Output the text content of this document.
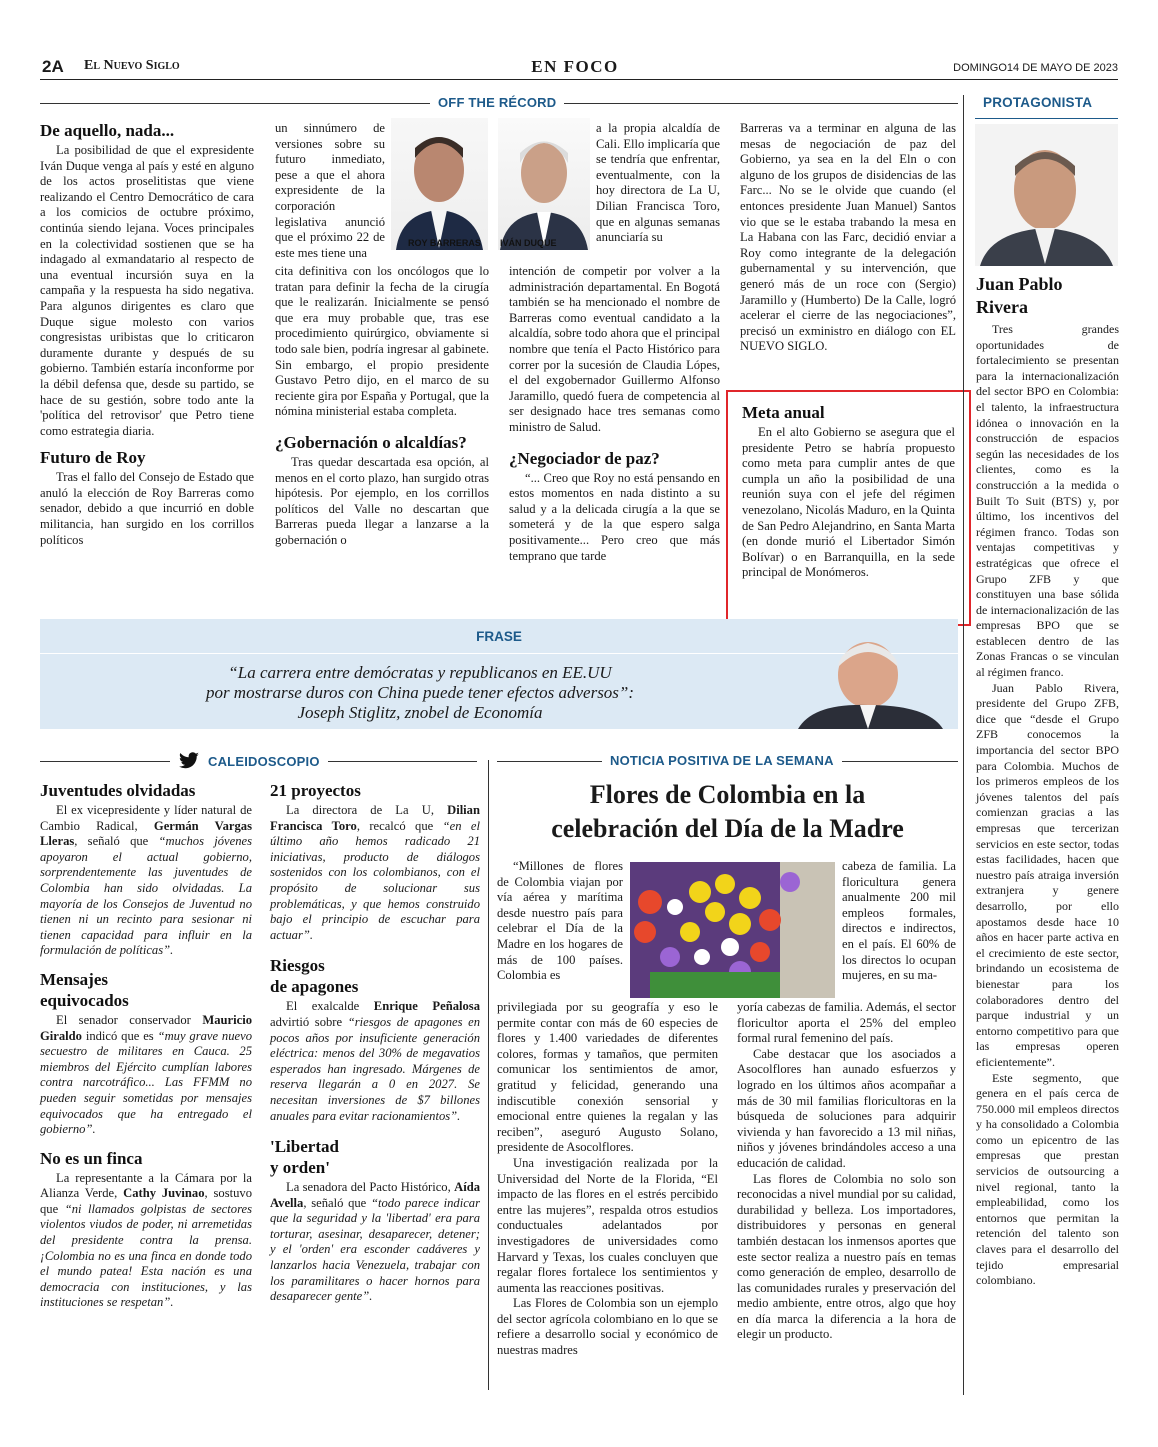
2A El Nuevo Siglo	EN FOCO	DOMINGO14 DE MAYO DE 2023
OFF THE RÉCORD
De aquello, nada...

La posibilidad de que el expresidente Iván Duque venga al país y esté en alguno de los actos proselitistas que viene realizando el Centro Democrático de cara a los comicios de octubre próximo, continúa siendo lejana. Voces principales en la colectividad sostienen que se ha indagado al exmandatario al respecto de una eventual incursión suya en la campaña y la respuesta ha sido negativa. Para algunos dirigentes es claro que Duque sigue molesto con varios congresistas uribistas que lo criticaron duramente durante y después de su gobierno. También estaría inconforme por la débil defensa que, desde su partido, se hace de su gestión, sobre todo ante la 'política del retrovisor' que Petro tiene como estrategia diaria.

Futuro de Roy

Tras el fallo del Consejo de Estado que anuló la elección de Roy Barreras como senador, debido a que incurrió en doble militancia, han surgido en los corrillos políticos

un sinnúmero de versiones sobre su futuro inmediato, pese a que el ahora expresidente de la corporación legislativa anunció que el próximo 22 de este mes tiene una
cita definitiva con los oncólogos que lo tratan para definir la fecha de la cirugía que le realizarán. Inicialmente se pensó que era muy probable que, tras ese procedimiento quirúrgico, obviamente si todo sale bien, podría ingresar al gabinete. Sin embargo, el propio presidente Gustavo Petro dijo, en el marco de su reciente gira por España y Portugal, que la nómina ministerial estaba completa.
¿Gobernación o alcaldías?

Tras quedar descartada esa opción, al menos en el corto plazo, han surgido otras hipótesis. Por ejemplo, en los corrillos políticos del Valle no descartan que Barreras pueda llegar a lanzarse a la gobernación o

ROY BARRERAS IVÁN DUQUE
a la propia alcaldía de Cali. Ello implicaría que se tendría que enfrentar, eventualmente, con la hoy directora de La U, Dilian Francisca Toro, que en algunas semanas anunciaría su
intención de competir por volver a la administración departamental. En Bogotá también se ha mencionado el nombre de Barreras como eventual candidato a la alcaldía, sobre todo ahora que el principal nombre que tenía el Pacto Histórico para correr por la sucesión de Claudia Lópes, el del exgobernador Guillermo Alfonso Jaramillo, quedó fuera de competencia al ser designado hace tres semanas como ministro de Salud.
¿Negociador de paz?

“... Creo que Roy no está pensando en estos momentos en nada distinto a su salud y a la delicada cirugía a la que se someterá y de la que espero salga positivamente... Pero creo que más temprano que tarde

Barreras va a terminar en alguna de las mesas de negociación de paz del Gobierno, ya sea en la del Eln o con alguno de los grupos de disidencias de las Farc... No se le olvide que cuando (el entonces presidente Juan Manuel) Santos vio que se le estaba trabando la mesa en La Habana con las Farc, decidió enviar a Roy como integrante de la delegación gubernamental y su intervención, que generó más de un roce con (Sergio) Jaramillo y (Humberto) De la Calle, logró acelerar el cierre de las negociaciones”, precisó un exministro en diálogo con EL NUEVO SIGLO.
Meta anual

En el alto Gobierno se asegura que el presidente Petro se habría propuesto como meta para cumplir antes de que cumpla un año la posibilidad de una reunión suya con el jefe del régimen venezolano, Nicolás Maduro, en la Quinta de San Pedro Alejandrino, en Santa Marta (en donde murió el Libertador Simón Bolívar) o en Barranquilla, en la sede principal de Monómeros.

PROTAGONISTA
Juan Pablo
Rivera

Tres grandes oportunidades de fortalecimiento se presentan para la internacionalización del sector BPO en Colombia: el talento, la infraestructura idónea o innovación en la construcción de espacios según las necesidades de los clientes, como es la construcción a la medida o Built To Suit (BTS) y, por último, los incentivos del régimen franco. Todas son ventajas competitivas y estratégicas que ofrece el Grupo ZFB y que constituyen una base sólida de internacionalización de las empresas BPO que se establecen dentro de las Zonas Francas o se vinculan al régimen franco.

Juan Pablo Rivera, presidente del Grupo ZFB, dice que “desde el Grupo ZFB conocemos la importancia del sector BPO para Colombia. Muchos de los primeros empleos de los jóvenes talentos del país comienzan gracias a las empresas que tercerizan servicios en este sector, todas estas facilidades, hacen que nuestro país atraiga inversión extranjera y genere desarrollo, por ello apostamos desde hace 10 años en hacer parte activa en el crecimiento de este sector, brindando un ecosistema de bienestar para los colaboradores dentro del parque industrial y un entorno competitivo para que las empresas operen eficientemente”.

Este segmento, que genera en el país cerca de 750.000 mil empleos directos y ha consolidado a Colombia como un epicentro de las empresas que prestan servicios de outsourcing a nivel regional, tanto la empleabilidad, como los entornos que permitan la retención del talento son claves para el desarrollo del tejido empresarial colombiano.

FRASE
“La carrera entre demócratas y republicanos en EE.UU
por mostrarse duros con China puede tener efectos adversos”:
Joseph Stiglitz, znobel de Economía
CALEIDOSCOPIO
Juventudes olvidadas

El ex vicepresidente y líder natural de Cambio Radical, Germán Vargas Lleras, señaló que “muchos jóvenes apoyaron el actual gobierno, sorprendentemente las juventudes de Colombia han sido olvidadas. La mayoría de los Consejos de Juventud no tienen ni un recinto para sesionar ni tienen capacidad para influir en la formulación de políticas”.

Mensajes
equivocados

El senador conservador Mauricio Giraldo indicó que es “muy grave nuevo secuestro de militares en Cauca. 25 miembros del Ejército cumplían labores contra narcotráfico... Las FFMM no pueden seguir sometidas por mensajes equivocados que ha entregado el gobierno”.

No es un finca

La representante a la Cámara por la Alianza Verde, Cathy Juvinao, sostuvo que “ni llamados golpistas de sectores violentos viudos de poder, ni arremetidas del presidente contra la prensa. ¡Colombia no es una finca en donde todo el mundo patea! Esta nación es una democracia con instituciones, y las instituciones se respetan”.

21 proyectos

La directora de La U, Dilian Francisca Toro, recalcó que “en el último año hemos radicado 21 iniciativas, producto de diálogos sostenidos con los colombianos, con el propósito de solucionar sus problemáticas, y que hemos construido bajo el principio de escuchar para actuar”.

Riesgos
de apagones

El exalcalde Enrique Peñalosa advirtió sobre “riesgos de apagones en pocos años por insuficiente generación eléctrica: menos del 30% de megavatios esperados han ingresado. Márgenes de reserva llegarán a 0 en 2027. Se necesitan inversiones de $7 billones anuales para evitar racionamientos”.

'Libertad
y orden'

La senadora del Pacto Histórico, Aída Avella, señaló que “todo parece indicar que la seguridad y la 'libertad' era para torturar, asesinar, desaparecer, detener; y el 'orden' era esconder cadáveres y lanzarlos hacia Venezuela, trabajar con los paramilitares o hacer hornos para desaparecer gente”.

NOTICIA POSITIVA DE LA SEMANA
Flores de Colombia en la
celebración del Día de la Madre

“Millones de flores de Colombia viajan por vía aérea y marítima desde nuestro país para celebrar el Día de la Madre en los hogares de más de 100 países. Colombia es

privilegiada por su geografía y eso le permite contar con más de 60 especies de flores y 1.400 variedades de diferentes colores, formas y tamaños, que permiten comunicar los sentimientos de amor, gratitud y felicidad, generando una indiscutible conexión sensorial y emocional entre quienes la regalan y las reciben”, aseguró Augusto Solano, presidente de Asocolflores.

Una investigación realizada por la Universidad del Norte de la Florida, “El impacto de las flores en el estrés percibido entre las mujeres”, respalda otros estudios conductuales adelantados por investigadores de universidades como Harvard y Texas, los cuales concluyen que regalar flores fortalece los sentimientos y aumenta las reacciones positivas.

Las Flores de Colombia son un ejemplo del sector agrícola colombiano en lo que se refiere a desarrollo social y económico de nuestras madres

cabeza de familia. La floricultura genera anualmente 200 mil empleos formales, directos e indirectos, en el país. El 60% de los directos lo ocupan mujeres, en su ma-
yoría cabezas de familia. Además, el sector floricultor aporta el 25% del empleo formal rural femenino del país.

Cabe destacar que los asociados a Asocolflores han aunado esfuerzos y logrado en los últimos años acompañar a más de 30 mil familias floricultoras en la búsqueda de soluciones para adquirir vivienda y han favorecido a 13 mil niñas, niños y jóvenes brindándoles acceso a una educación de calidad.

Las flores de Colombia no solo son reconocidas a nivel mundial por su calidad, durabilidad y belleza. Los importadores, distribuidores y personas en general también destacan los inmensos aportes que este sector realiza a nuestro país en temas como generación de empleo, desarrollo de las comunidades rurales y preservación del medio ambiente, entre otros, algo que hoy en día marca la diferencia a la hora de elegir un producto.
